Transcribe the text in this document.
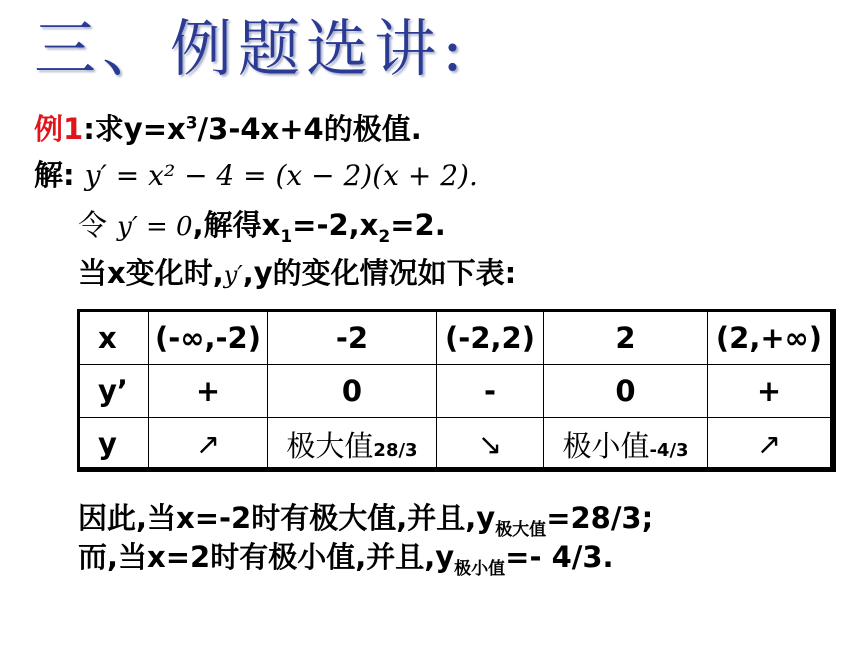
三、例题选讲:
例1:求$y=x^3/3-4x+4$的极值.
解: y′ = x² − 4 = (x − 2)(x + 2).
令 y′ = 0,解得$x_1=-2,x_2=2$.
当x变化时,y′,y的变化情况如下表:
x	(-∞,-2)	-2	(-2,2)	2	(2,+∞)
y’	+	0	-	0	+
y	↗	极大值28/3	↘	极小值-4/3	↗
因此,当x=-2时有极大值,并且$,y_{极大值}=28/3$;
而,当x=2时有极小值,并且$,y_{极小值}=-$ 4/3.
